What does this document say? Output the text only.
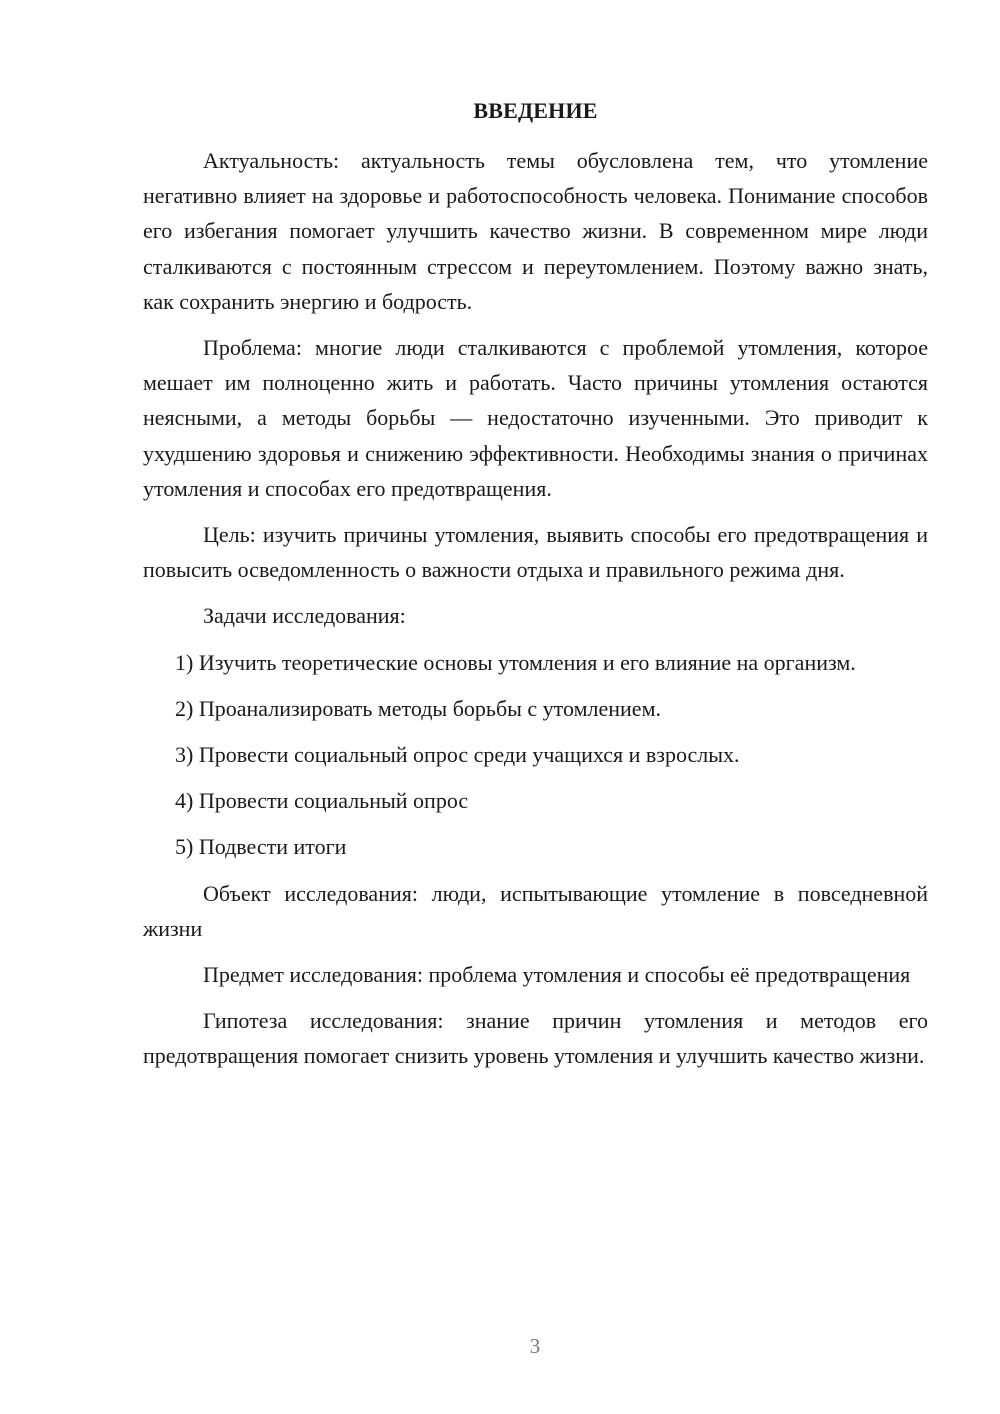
ВВЕДЕНИЕ

Актуальность: актуальность темы обусловлена тем, что утомление негативно влияет на здоровье и работоспособность человека. Понимание способов его избегания помогает улучшить качество жизни. В современном мире люди сталкиваются с постоянным стрессом и переутомлением. Поэтому важно знать, как сохранить энергию и бодрость.

Проблема: многие люди сталкиваются с проблемой утомления, которое мешает им полноценно жить и работать. Часто причины утомления остаются неясными, а методы борьбы — недостаточно изученными. Это приводит к ухудшению здоровья и снижению эффективности. Необходимы знания о причинах утомления и способах его предотвращения.

Цель: изучить причины утомления, выявить способы его предотвращения и повысить осведомленность о важности отдыха и правильного режима дня.

Задачи исследования:

1) Изучить теоретические основы утомления и его влияние на организм.

2) Проанализировать методы борьбы с утомлением.

3) Провести социальный опрос среди учащихся и взрослых.

4) Провести социальный опрос

5) Подвести итоги

Объект исследования: люди, испытывающие утомление в повседневной жизни

Предмет исследования: проблема утомления и способы её предотвращения

Гипотеза исследования: знание причин утомления и методов его предотвращения помогает снизить уровень утомления и улучшить качество жизни.

3
